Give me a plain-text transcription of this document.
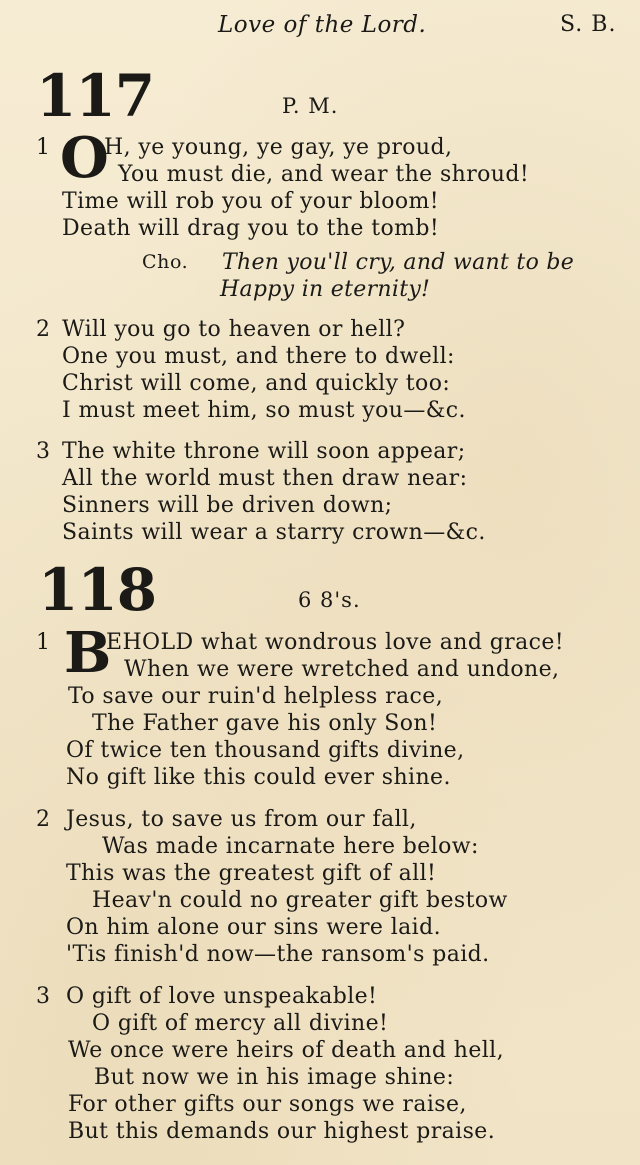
Love of the Lord.	S. B.
117	P. M.
1 O
H, ye young, ye gay, ye proud,
You must die, and wear the shroud!
Time will rob you of your bloom!
Death will drag you to the tomb!
Cho. Then you'll cry, and want to be
Happy in eternity!
2 Will you go to heaven or hell?
One you must, and there to dwell:
Christ will come, and quickly too:
I must meet him, so must you—&c.
3 The white throne will soon appear;
All the world must then draw near:
Sinners will be driven down;
Saints will wear a starry crown—&c.
118	6 8's.
1 B
EHOLD what wondrous love and grace!
When we were wretched and undone,
To save our ruin'd helpless race,
The Father gave his only Son!
Of twice ten thousand gifts divine,
No gift like this could ever shine.
2 Jesus, to save us from our fall,
Was made incarnate here below:
This was the greatest gift of all!
Heav'n could no greater gift bestow
On him alone our sins were laid.
'Tis finish'd now—the ransom's paid.
3 O gift of love unspeakable!
O gift of mercy all divine!
We once were heirs of death and hell,
But now we in his image shine:
For other gifts our songs we raise,
But this demands our highest praise.
